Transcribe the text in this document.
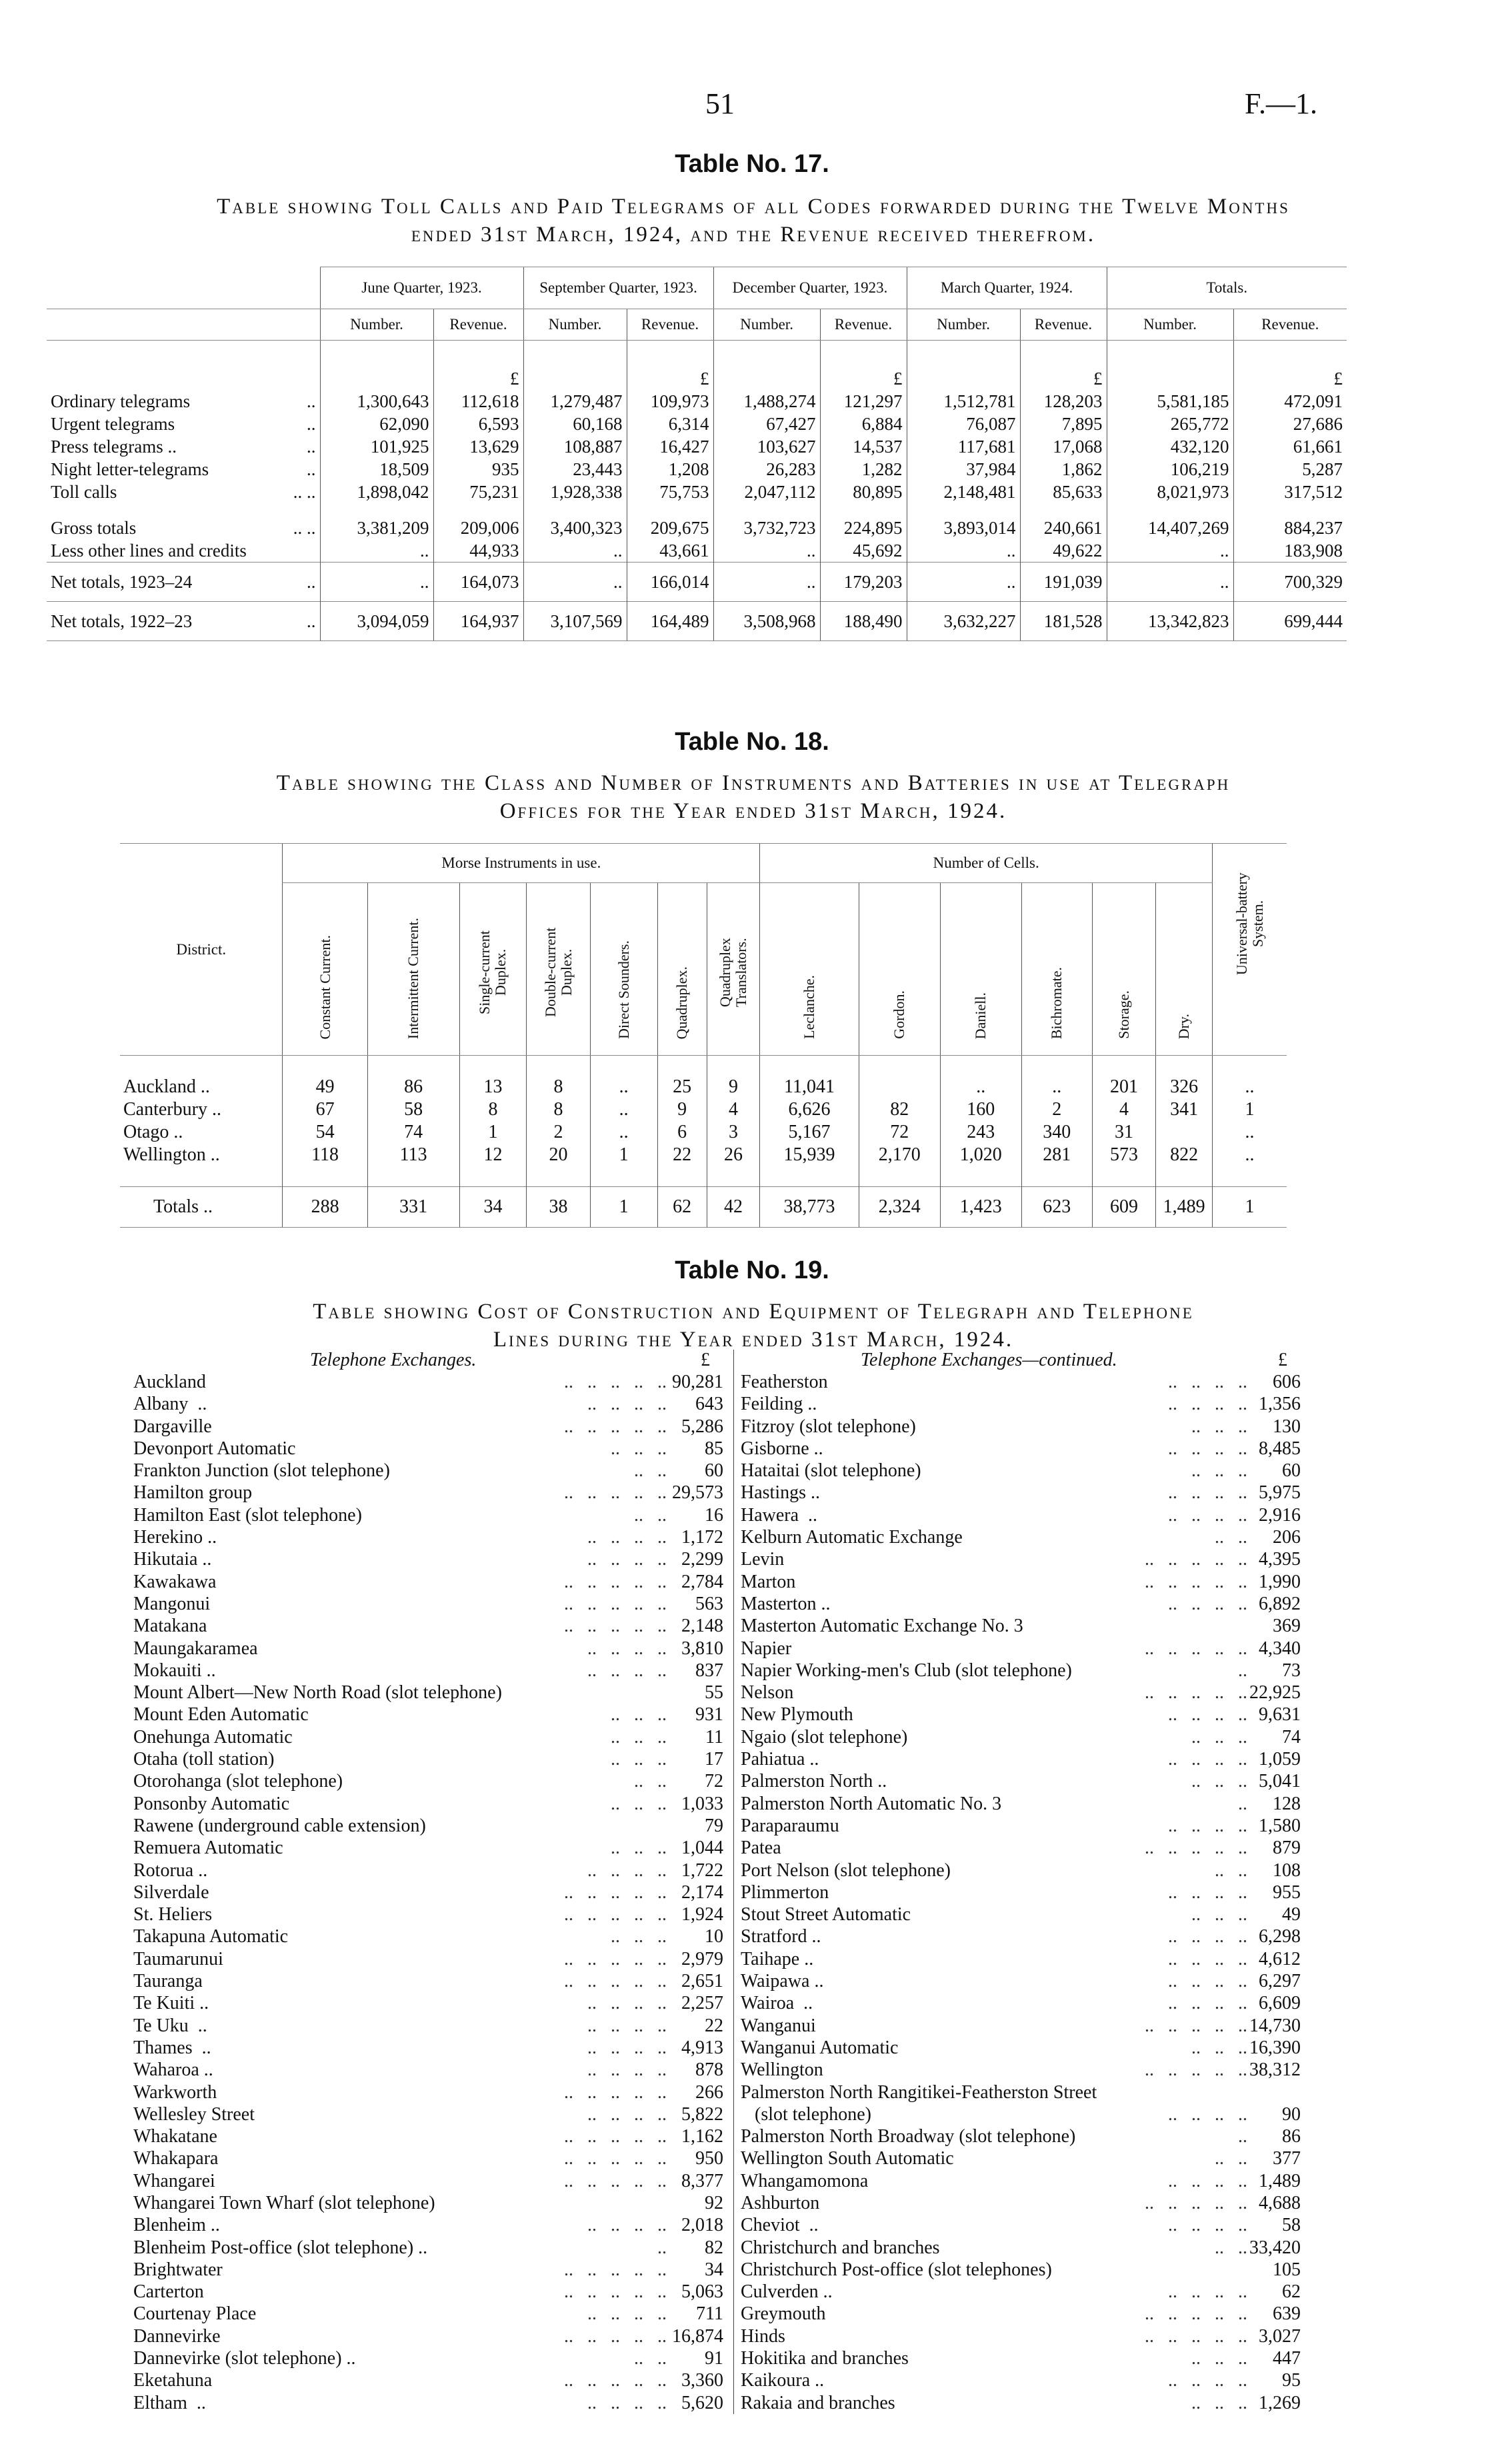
51	F.—1.
Table No. 17.
Table showing Toll Calls and Paid Telegrams of all Codes forwarded during the Twelve Months
ended 31st March, 1924, and the Revenue received therefrom.
	June Quarter, 1923.		September Quarter, 1923.		December Quarter, 1923.		March Quarter, 1924.		Totals.	
	Number.	Revenue.	Number.	Revenue.	Number.	Revenue.	Number.	Revenue.	Number.	Revenue.
		£		£		£		£		£
Ordinary telegrams ..	1,300,643	112,618	1,279,487	109,973	1,488,274	121,297	1,512,781	128,203	5,581,185	472,091
Urgent telegrams ..	62,090	6,593	60,168	6,314	67,427	6,884	76,087	7,895	265,772	27,686
Press telegrams .. ..	101,925	13,629	108,887	16,427	103,627	14,537	117,681	17,068	432,120	61,661
Night letter-telegrams ..	18,509	935	23,443	1,208	26,283	1,282	37,984	1,862	106,219	5,287
Toll calls .. ..	1,898,042	75,231	1,928,338	75,753	2,047,112	80,895	2,148,481	85,633	8,021,973	317,512

Gross totals .. ..	3,381,209	209,006	3,400,323	209,675	3,732,723	224,895	3,893,014	240,661	14,407,269	884,237
Less other lines and credits	..	44,933	..	43,661	..	45,692	..	49,622	..	183,908
Net totals, 1923–24 ..	..	164,073	..	166,014	..	179,203	..	191,039	..	700,329
Net totals, 1922–23 ..	3,094,059	164,937	3,107,569	164,489	3,508,968	188,490	3,632,227	181,528	13,342,823	699,444
Table No. 18.
Table showing the Class and Number of Instruments and Batteries in use at Telegraph
Offices for the Year ended 31st March, 1924.
District.	Morse Instruments in use.							Number of Cells.						Universal-battery System.
	Constant Current.	Intermittent Current.	Single-current Duplex.	Double-current Duplex.	Direct Sounders.	Quadruplex.	Quadruplex Translators.	Leclanche.	Gordon.	Daniell.	Bichromate.	Storage.	Dry.	

Auckland ..	49	86	13	8	..	25	9	11,041		..	..	201	326	..
Canterbury ..	67	58	8	8	..	9	4	6,626	82	160	2	4	341	1
Otago ..	54	74	1	2	..	6	3	5,167	72	243	340	31		..
Wellington ..	118	113	12	20	1	22	26	15,939	2,170	1,020	281	573	822	..

Totals ..	288	331	34	38	1	62	42	38,773	2,324	1,423	623	609	1,489	1
Table No. 19.
Table showing Cost of Construction and Equipment of Telegraph and Telephone
Lines during the Year ended 31st March, 1924.
Telephone Exchanges.	£
Auckland	..   ..   ..   ..   .. 90,281
Albany  ..	..   ..   ..   ..	643
Dargaville	..   ..   ..   ..   .. 5,286
Devonport Automatic	..   ..   ..	85
Frankton Junction (slot telephone)	..   ..	60
Hamilton group	..   ..   ..   ..   .. 29,573
Hamilton East (slot telephone)	..   ..	16
Herekino ..	..   ..   ..   .. 1,172
Hikutaia ..	..   ..   ..   .. 2,299
Kawakawa	..   ..   ..   ..   .. 2,784
Mangonui	..   ..   ..   ..   ..	563
Matakana	..   ..   ..   ..   .. 2,148
Maungakaramea	..   ..   ..   .. 3,810
Mokauiti ..	..   ..   ..   ..	837
Mount Albert—New North Road (slot telephone)	55
Mount Eden Automatic	..   ..   ..	931
Onehunga Automatic	..   ..   ..	11
Otaha (toll station)	..   ..   ..	17
Otorohanga (slot telephone)	..   ..	72
Ponsonby Automatic	..   ..   .. 1,033
Rawene (underground cable extension)	79
Remuera Automatic	..   ..   .. 1,044
Rotorua ..	..   ..   ..   .. 1,722
Silverdale	..   ..   ..   ..   .. 2,174
St. Heliers	..   ..   ..   ..   .. 1,924
Takapuna Automatic	..   ..   ..	10
Taumarunui	..   ..   ..   ..   .. 2,979
Tauranga	..   ..   ..   ..   .. 2,651
Te Kuiti ..	..   ..   ..   .. 2,257
Te Uku  ..	..   ..   ..   ..	22
Thames  ..	..   ..   ..   .. 4,913
Waharoa ..	..   ..   ..   ..	878
Warkworth	..   ..   ..   ..   ..	266
Wellesley Street	..   ..   ..   .. 5,822
Whakatane	..   ..   ..   ..   .. 1,162
Whakapara	..   ..   ..   ..   ..	950
Whangarei	..   ..   ..   ..   .. 8,377
Whangarei Town Wharf (slot telephone)	92
Blenheim ..	..   ..   ..   .. 2,018
Blenheim Post-office (slot telephone) ..	..	82
Brightwater	..   ..   ..   ..   ..	34
Carterton	..   ..   ..   ..   .. 5,063
Courtenay Place	..   ..   ..   ..	711
Dannevirke	..   ..   ..   ..   .. 16,874
Dannevirke (slot telephone) ..	..   ..	91
Eketahuna	..   ..   ..   ..   .. 3,360
Eltham  ..	..   ..   ..   .. 5,620
Telephone Exchanges—continued.	£
Featherston	..   ..   ..   ..	606
Feilding ..	..   ..   ..   .. 1,356
Fitzroy (slot telephone)	..   ..   ..	130
Gisborne ..	..   ..   ..   .. 8,485
Hataitai (slot telephone)	..   ..   ..	60
Hastings ..	..   ..   ..   .. 5,975
Hawera  ..	..   ..   ..   .. 2,916
Kelburn Automatic Exchange	..   ..	206
Levin	..   ..   ..   ..   .. 4,395
Marton	..   ..   ..   ..   .. 1,990
Masterton ..	..   ..   ..   .. 6,892
Masterton Automatic Exchange No. 3	369
Napier	..   ..   ..   ..   .. 4,340
Napier Working-men's Club (slot telephone)	..	73
Nelson	..   ..   ..   ..   .. 22,925
New Plymouth	..   ..   ..   .. 9,631
Ngaio (slot telephone)	..   ..   ..	74
Pahiatua ..	..   ..   ..   .. 1,059
Palmerston North ..	..   ..   .. 5,041
Palmerston North Automatic No. 3	..	128
Paraparaumu	..   ..   ..   .. 1,580
Patea	..   ..   ..   ..   ..	879
Port Nelson (slot telephone)	..   ..	108
Plimmerton	..   ..   ..   ..	955
Stout Street Automatic	..   ..   ..	49
Stratford ..	..   ..   ..   .. 6,298
Taihape ..	..   ..   ..   .. 4,612
Waipawa ..	..   ..   ..   .. 6,297
Wairoa  ..	..   ..   ..   .. 6,609
Wanganui	..   ..   ..   ..   .. 14,730
Wanganui Automatic	..   ..   .. 16,390
Wellington	..   ..   ..   ..   .. 38,312
Palmerston North Rangitikei-Featherston Street
(slot telephone)	..   ..   ..   ..	90
Palmerston North Broadway (slot telephone)	..	86
Wellington South Automatic	..   ..	377
Whangamomona	..   ..   ..   .. 1,489
Ashburton	..   ..   ..   ..   .. 4,688
Cheviot  ..	..   ..   ..   ..	58
Christchurch and branches	..   .. 33,420
Christchurch Post-office (slot telephones)	105
Culverden ..	..   ..   ..   ..	62
Greymouth	..   ..   ..   ..   ..	639
Hinds	..   ..   ..   ..   .. 3,027
Hokitika and branches	..   ..   ..	447
Kaikoura ..	..   ..   ..   ..	95
Rakaia and branches	..   ..   .. 1,269
